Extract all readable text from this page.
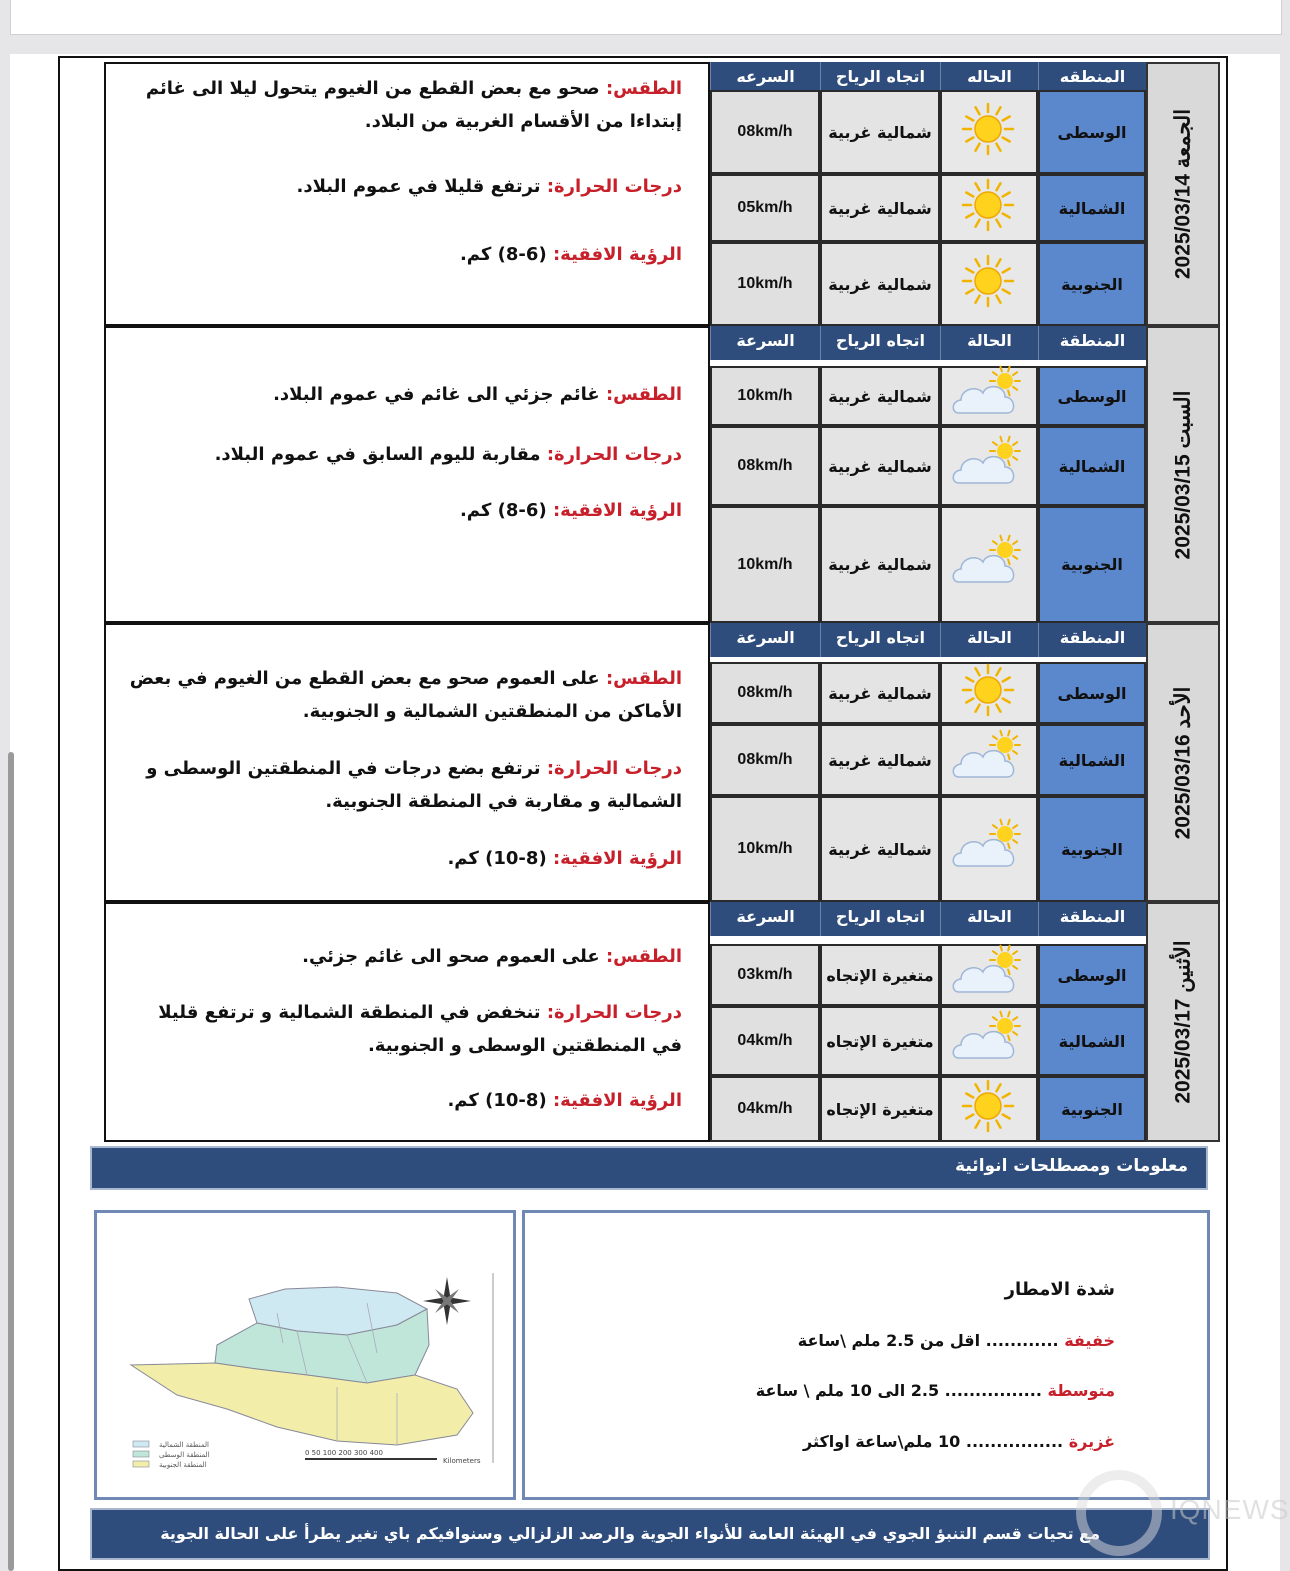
الطقس: صحو مع بعض القطع من الغيوم يتحول ليلا الى غائم إبتداءا من الأقسام الغربية من البلاد.
درجات الحرارة: ترتفع قليلا في عموم البلاد.
الرؤية الافقية: (6-8) كم.
المنطقه
الحاله
اتجاه الرياح
السرعه
الوسطى
شمالية غربية
08km/h
الشمالية
شمالية غربية
05km/h
الجنوبية
شمالية غربية
10km/h
الجمعة 2025/03/14
الطقس: غائم جزئي الى غائم في عموم البلاد.
درجات الحرارة: مقاربة لليوم السابق في عموم البلاد.
الرؤية الافقية: (6-8) كم.
المنطقة
الحالة
اتجاه الرياح
السرعة
الوسطى
شمالية غربية
10km/h
الشمالية
شمالية غربية
08km/h
الجنوبية
شمالية غربية
10km/h
السبت 2025/03/15
الطقس: على العموم صحو مع بعض القطع من الغيوم في بعض الأماكن من المنطقتين الشمالية و الجنوبية.
درجات الحرارة: ترتفع بضع درجات في المنطقتين الوسطى و الشمالية و مقاربة في المنطقة الجنوبية.
الرؤية الافقية: (8-10) كم.
المنطقة
الحالة
اتجاه الرياح
السرعة
الوسطى
شمالية غربية
08km/h
الشمالية
شمالية غربية
08km/h
الجنوبية
شمالية غربية
10km/h
الأحد 2025/03/16
الطقس: على العموم صحو الى غائم جزئي.
درجات الحرارة: تنخفض في المنطقة الشمالية و ترتفع قليلا في المنطقتين الوسطى و الجنوبية.
الرؤية الافقية: (8-10) كم.
المنطقة
الحالة
اتجاه الرياح
السرعة
الوسطى
متغيرة الإتجاه
03km/h
الشمالية
متغيرة الإتجاه
04km/h
الجنوبية
متغيرة الإتجاه
04km/h
الأثنين 2025/03/17
معلومات ومصطلحات انوائية
المنطقة الشمالية
المنطقة الوسطى
المنطقة الجنوبية
0 50 100 200 300 400
Kilometers
شدة الامطار
خفيفة ............ اقل من 2.5 ملم \ساعة
متوسطة ................ 2.5 الى 10 ملم \ ساعة
غزيرة ................ 10 ملم\ساعة اواكثر
مع تحيات قسم التنبؤ الجوي في الهيئة العامة للأنواء الجوية والرصد الزلزالي وسنوافيكم باي تغير يطرأ على الحالة الجوية
IQNEWS
